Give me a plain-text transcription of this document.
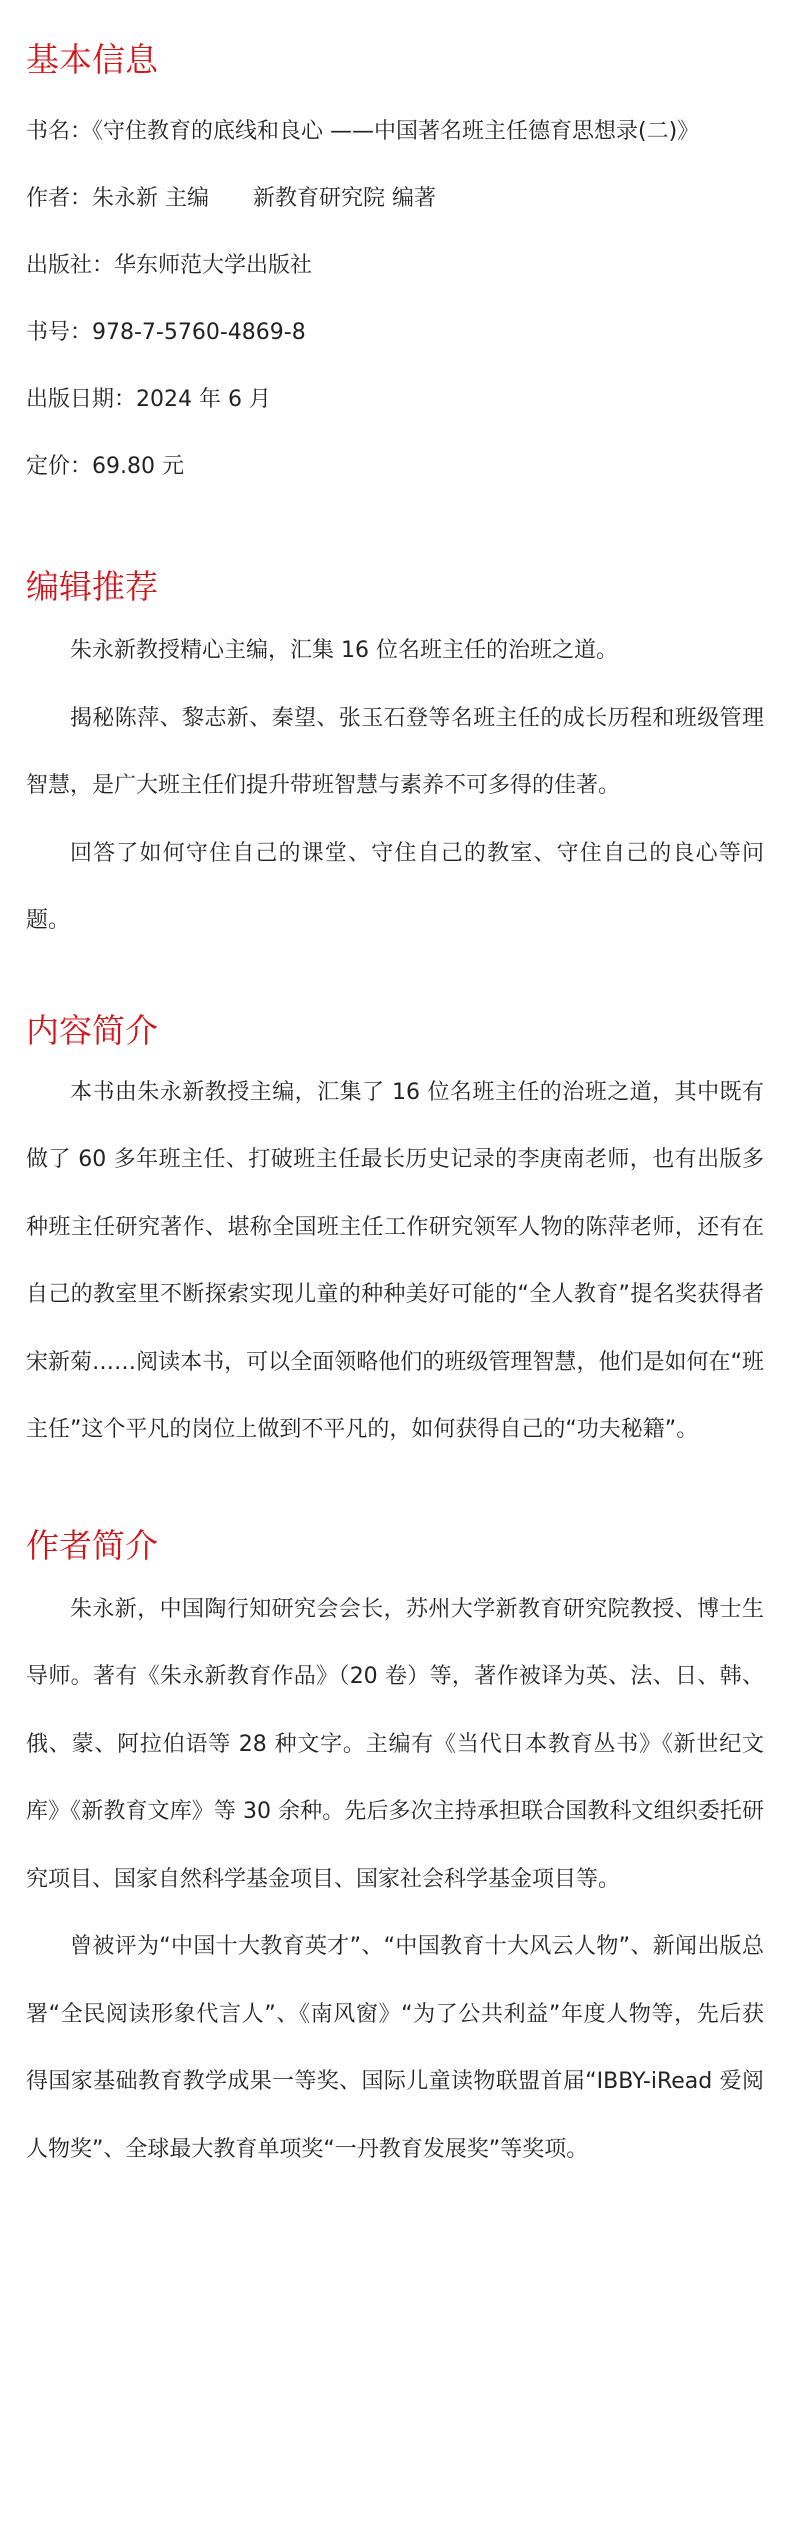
基本信息

书名：《守住教育的底线和良心 ——中国著名班主任德育思想录(二)》

作者：朱永新 主编　　新教育研究院 编著

出版社：华东师范大学出版社

书号：978-7-5760-4869-8

出版日期：2024 年 6 月

定价：69.80 元

编辑推荐

朱永新教授精心主编，汇集 16 位名班主任的治班之道。

揭秘陈萍、黎志新、秦望、张玉石登等名班主任的成长历程和班级管理智慧，是广大班主任们提升带班智慧与素养不可多得的佳著。

回答了如何守住自己的课堂、守住自己的教室、守住自己的良心等问题。

内容简介

本书由朱永新教授主编，汇集了 16 位名班主任的治班之道，其中既有做了 60 多年班主任、打破班主任最长历史记录的李庚南老师，也有出版多种班主任研究著作、堪称全国班主任工作研究领军人物的陈萍老师，还有在自己的教室里不断探索实现儿童的种种美好可能的“全人教育”提名奖获得者宋新菊……阅读本书，可以全面领略他们的班级管理智慧，他们是如何在“班主任”这个平凡的岗位上做到不平凡的，如何获得自己的“功夫秘籍”。

作者简介

朱永新，中国陶行知研究会会长，苏州大学新教育研究院教授、博士生导师。著有《朱永新教育作品》（20 卷）等，著作被译为英、法、日、韩、俄、蒙、阿拉伯语等 28 种文字。主编有《当代日本教育丛书》《新世纪文库》《新教育文库》等 30 余种。先后多次主持承担联合国教科文组织委托研究项目、国家自然科学基金项目、国家社会科学基金项目等。

曾被评为“中国十大教育英才”、“中国教育十大风云人物”、新闻出版总署“全民阅读形象代言人”、《南风窗》“为了公共利益”年度人物等，先后获得国家基础教育教学成果一等奖、国际儿童读物联盟首届“IBBY-iRead 爱阅人物奖”、全球最大教育单项奖“一丹教育发展奖”等奖项。
